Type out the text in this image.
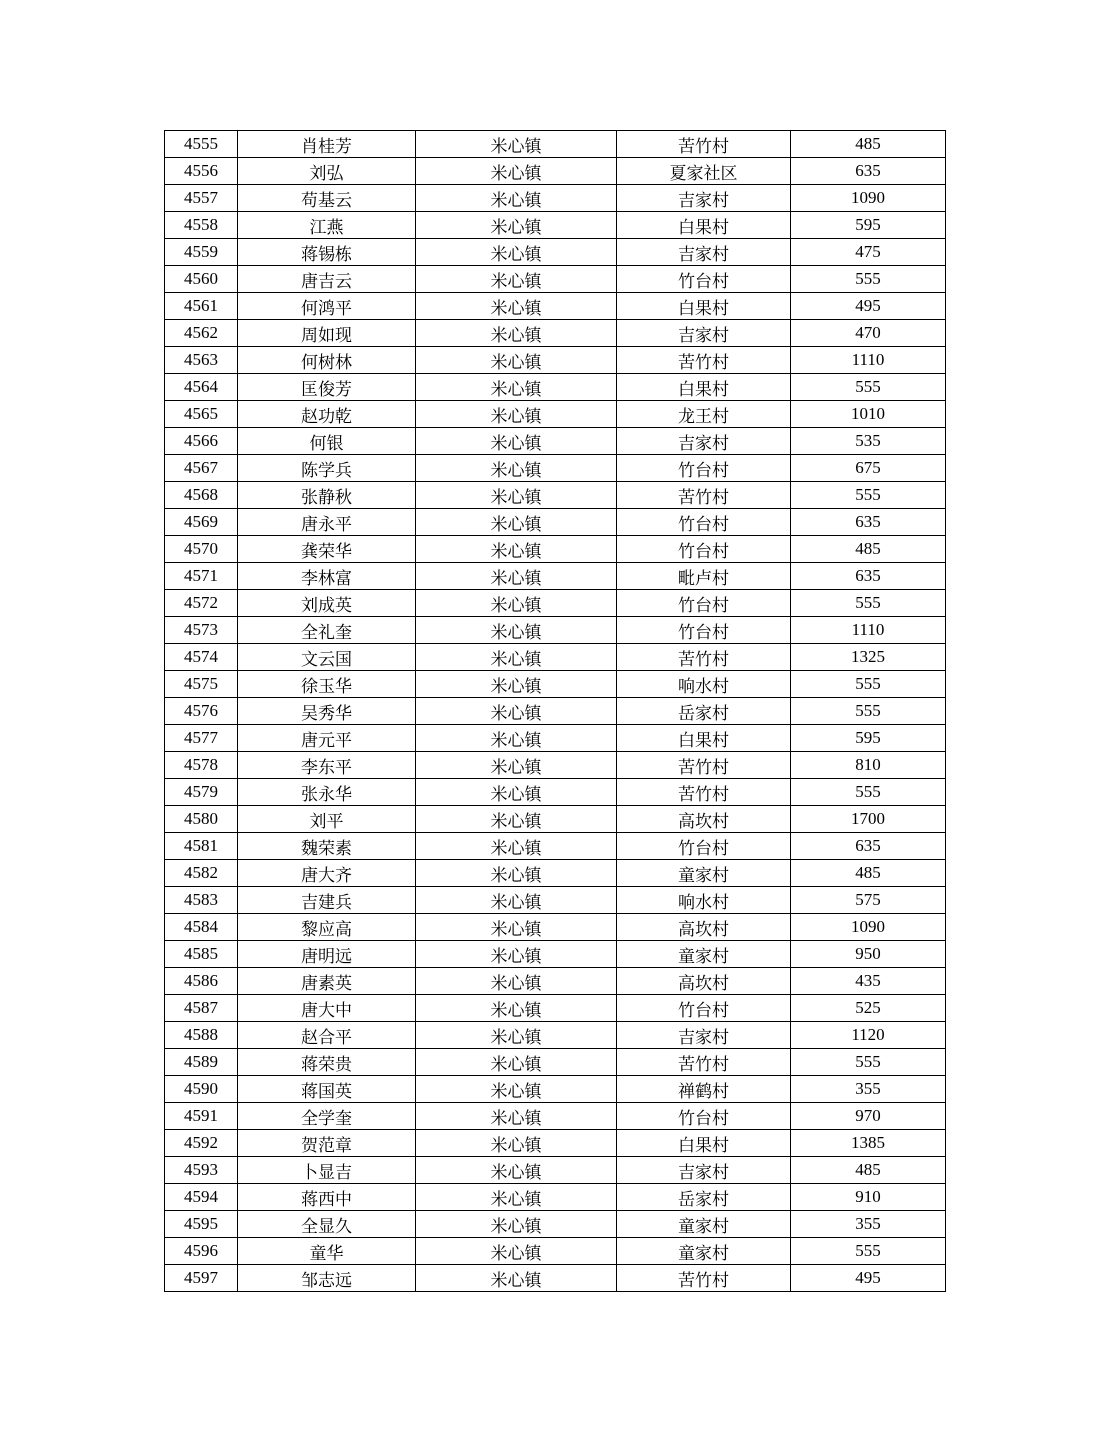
4555	肖桂芳	米心镇	苦竹村	485
4556	刘弘	米心镇	夏家社区	635
4557	苟基云	米心镇	吉家村	1090
4558	江燕	米心镇	白果村	595
4559	蒋锡栋	米心镇	吉家村	475
4560	唐吉云	米心镇	竹台村	555
4561	何鸿平	米心镇	白果村	495
4562	周如现	米心镇	吉家村	470
4563	何树林	米心镇	苦竹村	1110
4564	匡俊芳	米心镇	白果村	555
4565	赵功乾	米心镇	龙王村	1010
4566	何银	米心镇	吉家村	535
4567	陈学兵	米心镇	竹台村	675
4568	张静秋	米心镇	苦竹村	555
4569	唐永平	米心镇	竹台村	635
4570	龚荣华	米心镇	竹台村	485
4571	李林富	米心镇	毗卢村	635
4572	刘成英	米心镇	竹台村	555
4573	全礼奎	米心镇	竹台村	1110
4574	文云国	米心镇	苦竹村	1325
4575	徐玉华	米心镇	响水村	555
4576	吴秀华	米心镇	岳家村	555
4577	唐元平	米心镇	白果村	595
4578	李东平	米心镇	苦竹村	810
4579	张永华	米心镇	苦竹村	555
4580	刘平	米心镇	高坎村	1700
4581	魏荣素	米心镇	竹台村	635
4582	唐大齐	米心镇	童家村	485
4583	吉建兵	米心镇	响水村	575
4584	黎应高	米心镇	高坎村	1090
4585	唐明远	米心镇	童家村	950
4586	唐素英	米心镇	高坎村	435
4587	唐大中	米心镇	竹台村	525
4588	赵合平	米心镇	吉家村	1120
4589	蒋荣贵	米心镇	苦竹村	555
4590	蒋国英	米心镇	禅鹤村	355
4591	全学奎	米心镇	竹台村	970
4592	贺范章	米心镇	白果村	1385
4593	卜显吉	米心镇	吉家村	485
4594	蒋西中	米心镇	岳家村	910
4595	全显久	米心镇	童家村	355
4596	童华	米心镇	童家村	555
4597	邹志远	米心镇	苦竹村	495
